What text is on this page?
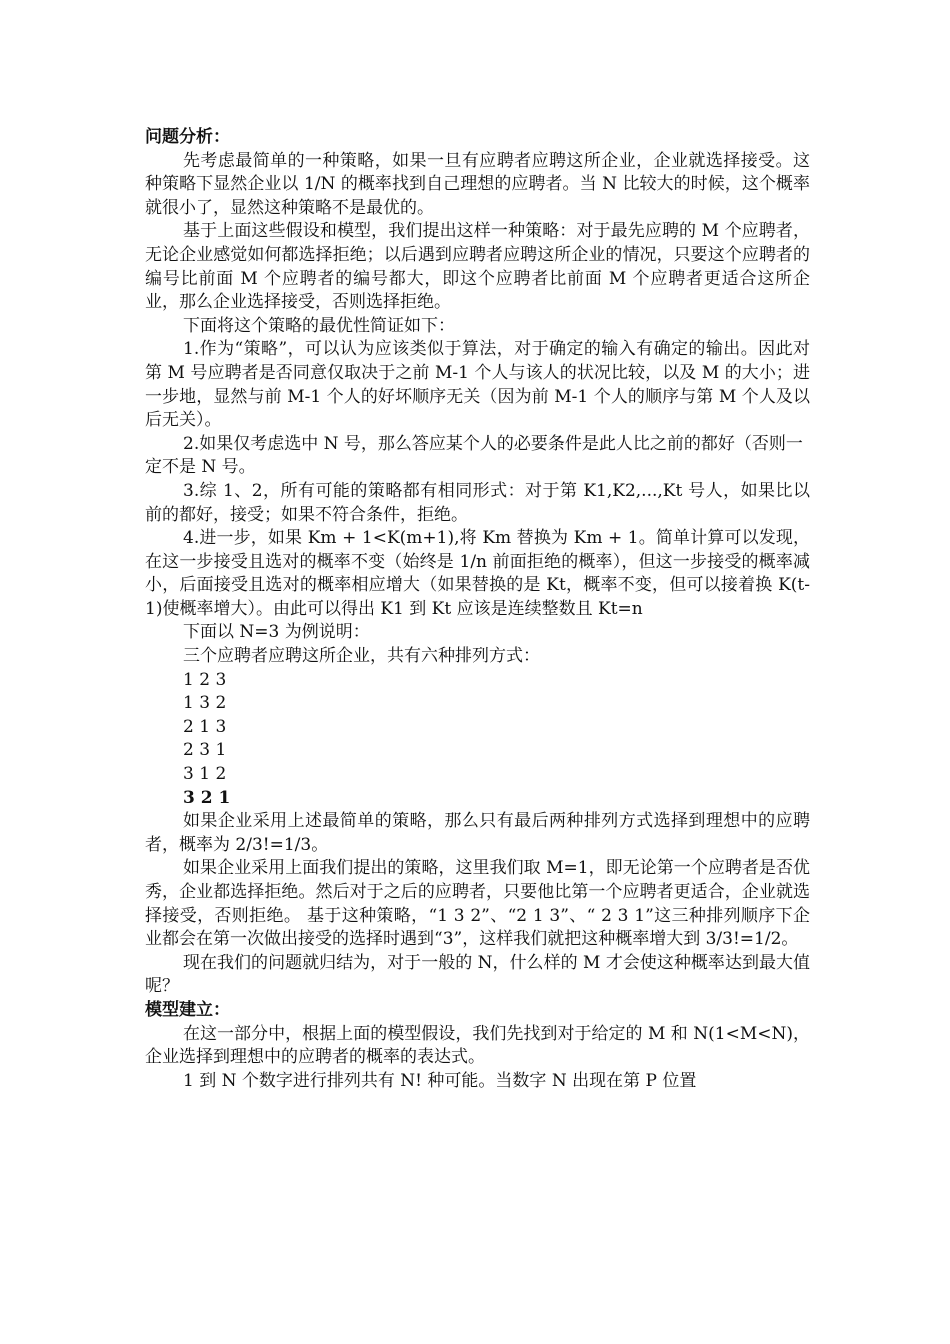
问题分析：
先考虑最简单的一种策略，如果一旦有应聘者应聘这所企业，企业就选择接受。这种策略下显然企业以 1/N 的概率找到自己理想的应聘者。当 N 比较大的时候，这个概率就很小了，显然这种策略不是最优的。
基于上面这些假设和模型，我们提出这样一种策略：对于最先应聘的 M 个应聘者，无论企业感觉如何都选择拒绝；以后遇到应聘者应聘这所企业的情况，只要这个应聘者的编号比前面 M 个应聘者的编号都大，即这个应聘者比前面 M 个应聘者更适合这所企业，那么企业选择接受，否则选择拒绝。
下面将这个策略的最优性简证如下：
1.作为“策略”，可以认为应该类似于算法，对于确定的输入有确定的输出。因此对第 M 号应聘者是否同意仅取决于之前 M-1 个人与该人的状况比较，以及 M 的大小；进一步地，显然与前 M-1 个人的好坏顺序无关（因为前 M-1 个人的顺序与第 M 个人及以后无关）。
2.如果仅考虑选中 N 号，那么答应某个人的必要条件是此人比之前的都好（否则一
定不是 N 号。
3.综 1、2，所有可能的策略都有相同形式：对于第 K1,K2,...,Kt 号人，如果比以前的都好，接受；如果不符合条件，拒绝。
4.进一步，如果 Km + 1<K(m+1),将 Km 替换为 Km + 1。简单计算可以发现，在这一步接受且选对的概率不变（始终是 1/n 前面拒绝的概率），但这一步接受的概率减小，后面接受且选对的概率相应增大（如果替换的是 Kt，概率不变，但可以接着换 K(t-1)使概率增大）。由此可以得出 K1 到 Kt 应该是连续整数且 Kt=n
下面以 N=3 为例说明：
三个应聘者应聘这所企业，共有六种排列方式：
1 2 3
1 3 2
2 1 3
2 3 1
3 1 2
3 2 1
如果企业采用上述最简单的策略，那么只有最后两种排列方式选择到理想中的应聘者，概率为 2/3!=1/3。
如果企业采用上面我们提出的策略，这里我们取 M=1，即无论第一个应聘者是否优秀，企业都选择拒绝。然后对于之后的应聘者，只要他比第一个应聘者更适合，企业就选择接受，否则拒绝。 基于这种策略，“1 3 2”、“2 1 3”、“ 2 3 1”这三种排列顺序下企业都会在第一次做出接受的选择时遇到“3”，这样我们就把这种概率增大到 3/3!=1/2。
现在我们的问题就归结为，对于一般的 N，什么样的 M 才会使这种概率达到最大值呢？
模型建立：
在这一部分中，根据上面的模型假设，我们先找到对于给定的 M 和 N(1<M<N)，企业选择到理想中的应聘者的概率的表达式。
1 到 N 个数字进行排列共有 N! 种可能。当数字 N 出现在第 P 位置
